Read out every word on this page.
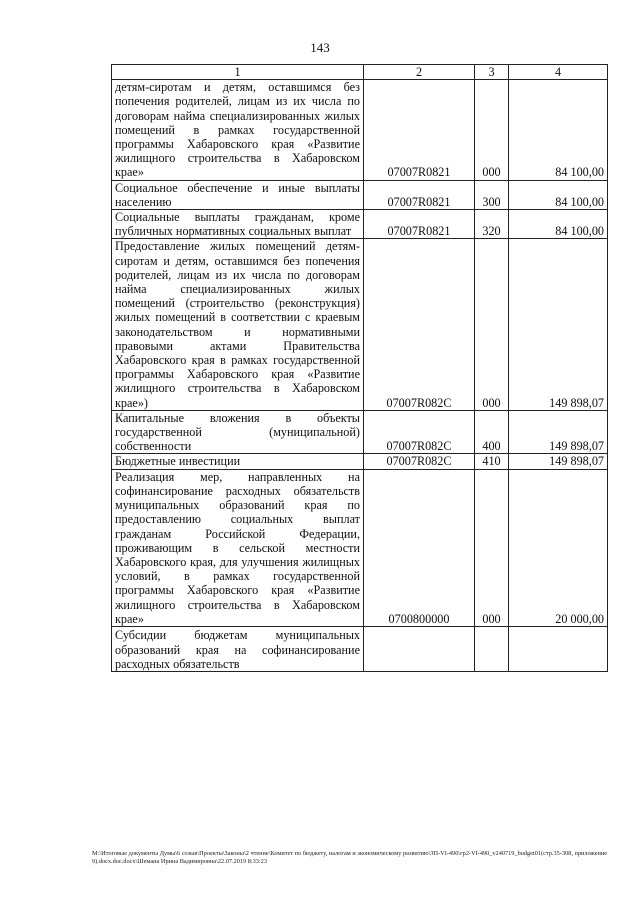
143
1	2	3	4
детям-сиротам и детям, оставшимся без попечения родителей, лицам из их числа по договорам найма специализированных жилых помещений в рамках государственной программы Хабаровского края «Развитие жилищного строительства в Хабаровском крае»	07007R0821	000	84 100,00
Социальное обеспечение и иные выплаты населению	07007R0821	300	84 100,00
Социальные выплаты гражданам, кроме публичных нормативных социальных выплат	07007R0821	320	84 100,00
Предоставление жилых помещений детям-сиротам и детям, оставшимся без попечения родителей, лицам из их числа по договорам найма специализированных жилых помещений (строительство (реконструкция) жилых помещений в соответствии с краевым законодательством и нормативными правовыми актами Правительства Хабаровского края в рамках государственной программы Хабаровского края «Развитие жилищного строительства в Хабаровском крае»)	07007R082C	000	149 898,07
Капитальные вложения в объекты государственной (муниципальной) собственности	07007R082C	400	149 898,07
Бюджетные инвестиции	07007R082C	410	149 898,07
Реализация мер, направленных на софинансирование расходных обязательств муниципальных образований края по предоставлению социальных выплат гражданам Российской Федерации, проживающим в сельской местности Хабаровского края, для улучшения жилищных условий, в рамках государственной программы Хабаровского края «Развитие жилищного строительства в Хабаровском крае»	0700800000	000	20 000,00
Субсидии бюджетам муниципальных образований края на софинансирование расходных обязательств			
M:\Итоговые документы Думы\6 созыв\Проекты\Законы\2 чтение\Комитет по бюджету, налогам и экономическому развитию\ЗП-VI-490\гр2-VI-490_v240719_budget01(стр.35-308, приложение 9).docx.doc.docx\Шемана Ирина Вадимировна\22.07.2019 8:33:23
